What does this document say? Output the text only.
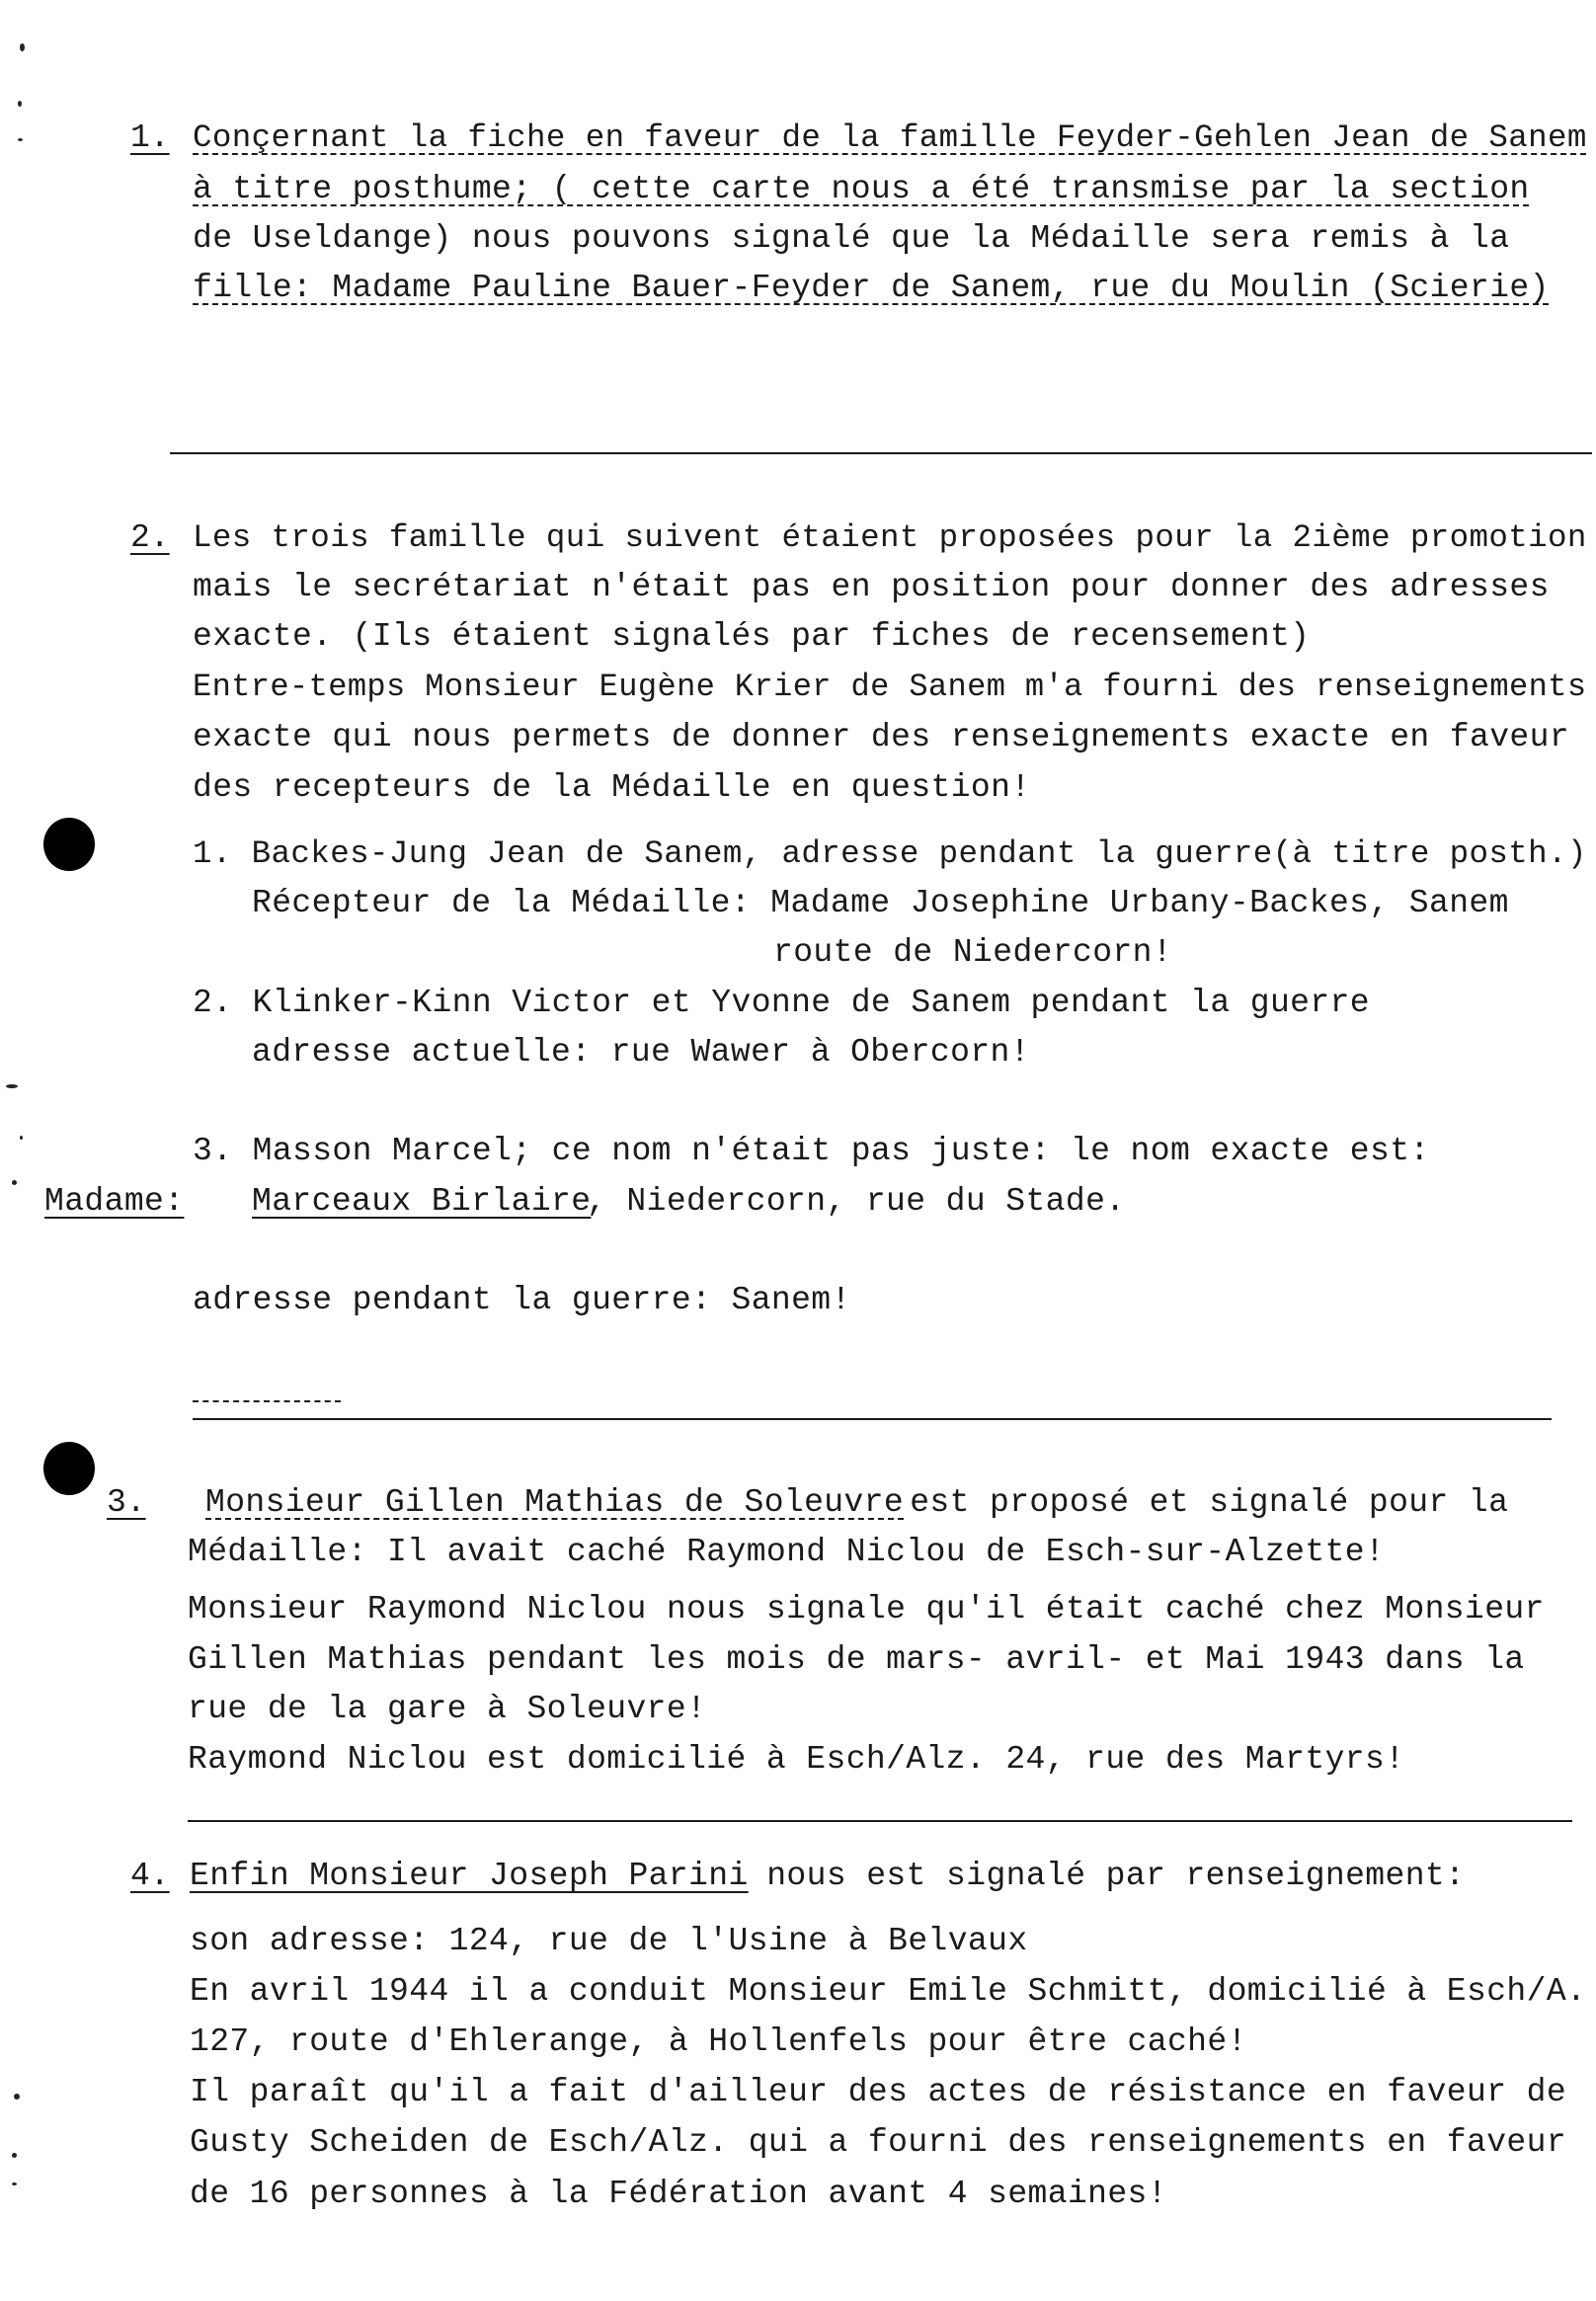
1. Conçernant la fiche en faveur de la famille Feyder-Gehlen Jean de Sanem
à titre posthume; ( cette carte nous a été transmise par la section
de Useldange) nous pouvons signalé que la Médaille sera remis à la
fille: Madame Pauline Bauer-Feyder de Sanem, rue du Moulin (Scierie)
2. Les trois famille qui suivent étaient proposées pour la 2ième promotion
mais le secrétariat n'était pas en position pour donner des adresses
exacte. (Ils étaient signalés par fiches de recensement)
Entre-temps Monsieur Eugène Krier de Sanem m'a fourni des renseignements
exacte qui nous permets de donner des renseignements exacte en faveur
des recepteurs de la Médaille en question!
1. Backes-Jung Jean de Sanem, adresse pendant la guerre(à titre posth.)
Récepteur de la Médaille: Madame Josephine Urbany-Backes, Sanem
route de Niedercorn!
2. Klinker-Kinn Victor et Yvonne de Sanem pendant la guerre
adresse actuelle: rue Wawer à Obercorn!
3. Masson Marcel; ce nom n'était pas juste: le nom exacte est:
Madame: Marceaux Birlaire
, Niedercorn, rue du Stade.
adresse pendant la guerre: Sanem!
3. Monsieur Gillen Mathias de Soleuvre
est proposé et signalé pour la
Médaille: Il avait caché Raymond Niclou de Esch-sur-Alzette!
Monsieur Raymond Niclou nous signale qu'il était caché chez Monsieur
Gillen Mathias pendant les mois de mars- avril- et Mai 1943 dans la
rue de la gare à Soleuvre!
Raymond Niclou est domicilié à Esch/Alz. 24, rue des Martyrs!
4. Enfin Monsieur Joseph Parini
nous est signalé par renseignement:
son adresse: 124, rue de l'Usine à Belvaux
En avril 1944 il a conduit Monsieur Emile Schmitt, domicilié à Esch/A.
127, route d'Ehlerange, à Hollenfels pour être caché!
Il paraît qu'il a fait d'ailleur des actes de résistance en faveur de
Gusty Scheiden de Esch/Alz. qui a fourni des renseignements en faveur
de 16 personnes à la Fédération avant 4 semaines!
